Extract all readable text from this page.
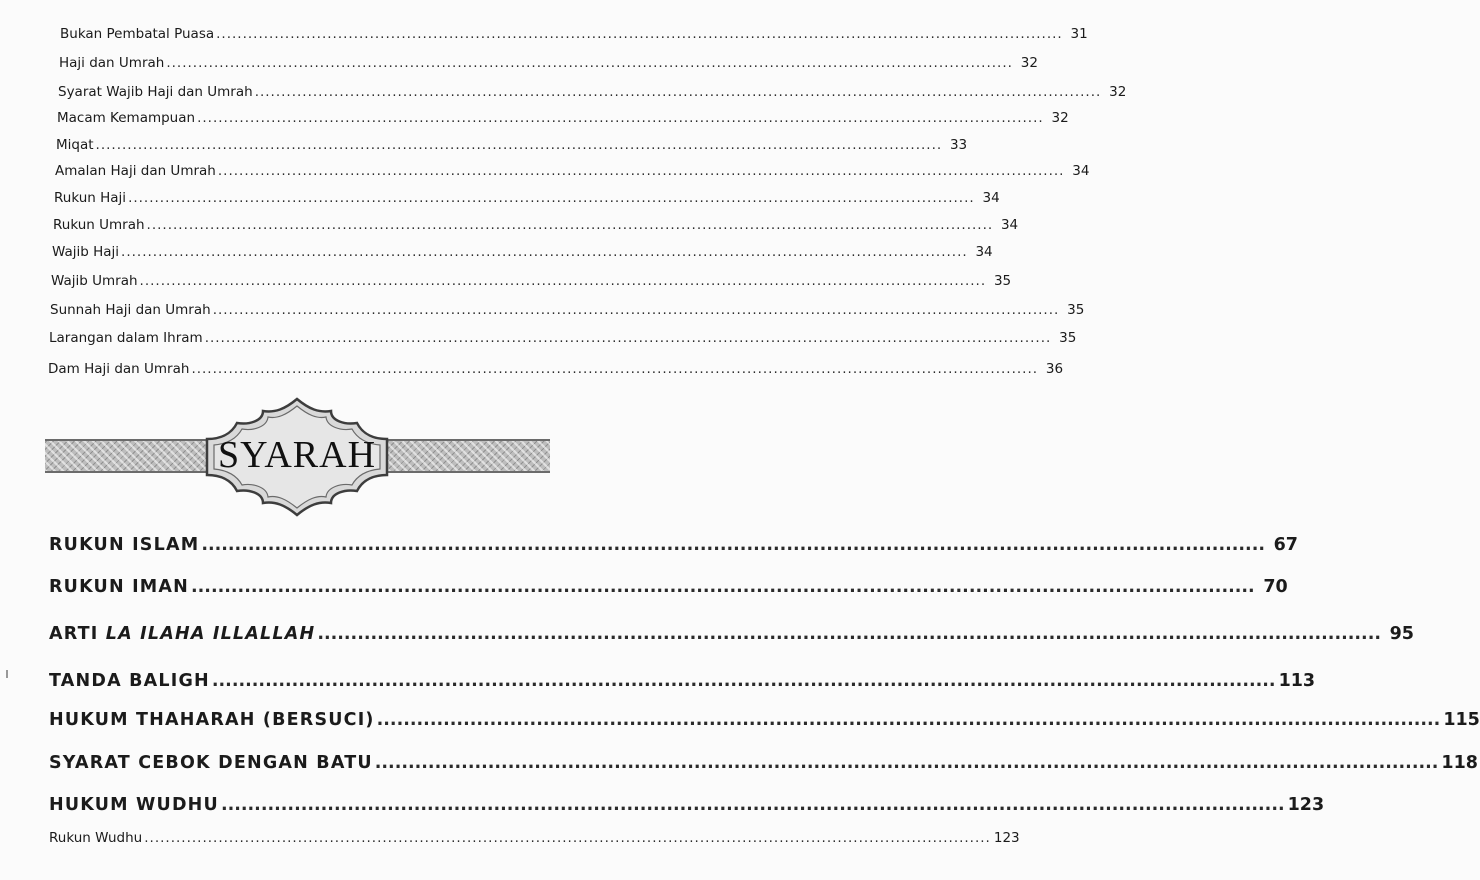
Bukan Pembatal Puasa ................................................................................................................................................................ 31
Haji dan Umrah ................................................................................................................................................................ 32
Syarat Wajib Haji dan Umrah ................................................................................................................................................................ 32
Macam Kemampuan ................................................................................................................................................................ 32
Miqat ................................................................................................................................................................ 33
Amalan Haji dan Umrah ................................................................................................................................................................ 34
Rukun Haji ................................................................................................................................................................ 34
Rukun Umrah ................................................................................................................................................................ 34
Wajib Haji ................................................................................................................................................................ 34
Wajib Umrah ................................................................................................................................................................ 35
Sunnah Haji dan Umrah ................................................................................................................................................................ 35
Larangan dalam Ihram ................................................................................................................................................................ 35
Dam Haji dan Umrah ................................................................................................................................................................ 36
SYARAH
RUKUN ISLAM ................................................................................................................................................................ 67
RUKUN IMAN ................................................................................................................................................................ 70
ARTI LA ILAHA ILLALLAH ................................................................................................................................................................ 95
TANDA BALIGH ................................................................................................................................................................ 113
HUKUM THAHARAH (BERSUCI) ................................................................................................................................................................ 115
SYARAT CEBOK DENGAN BATU ................................................................................................................................................................ 118
HUKUM WUDHU ................................................................................................................................................................ 123
Rukun Wudhu ................................................................................................................................................................ 123
